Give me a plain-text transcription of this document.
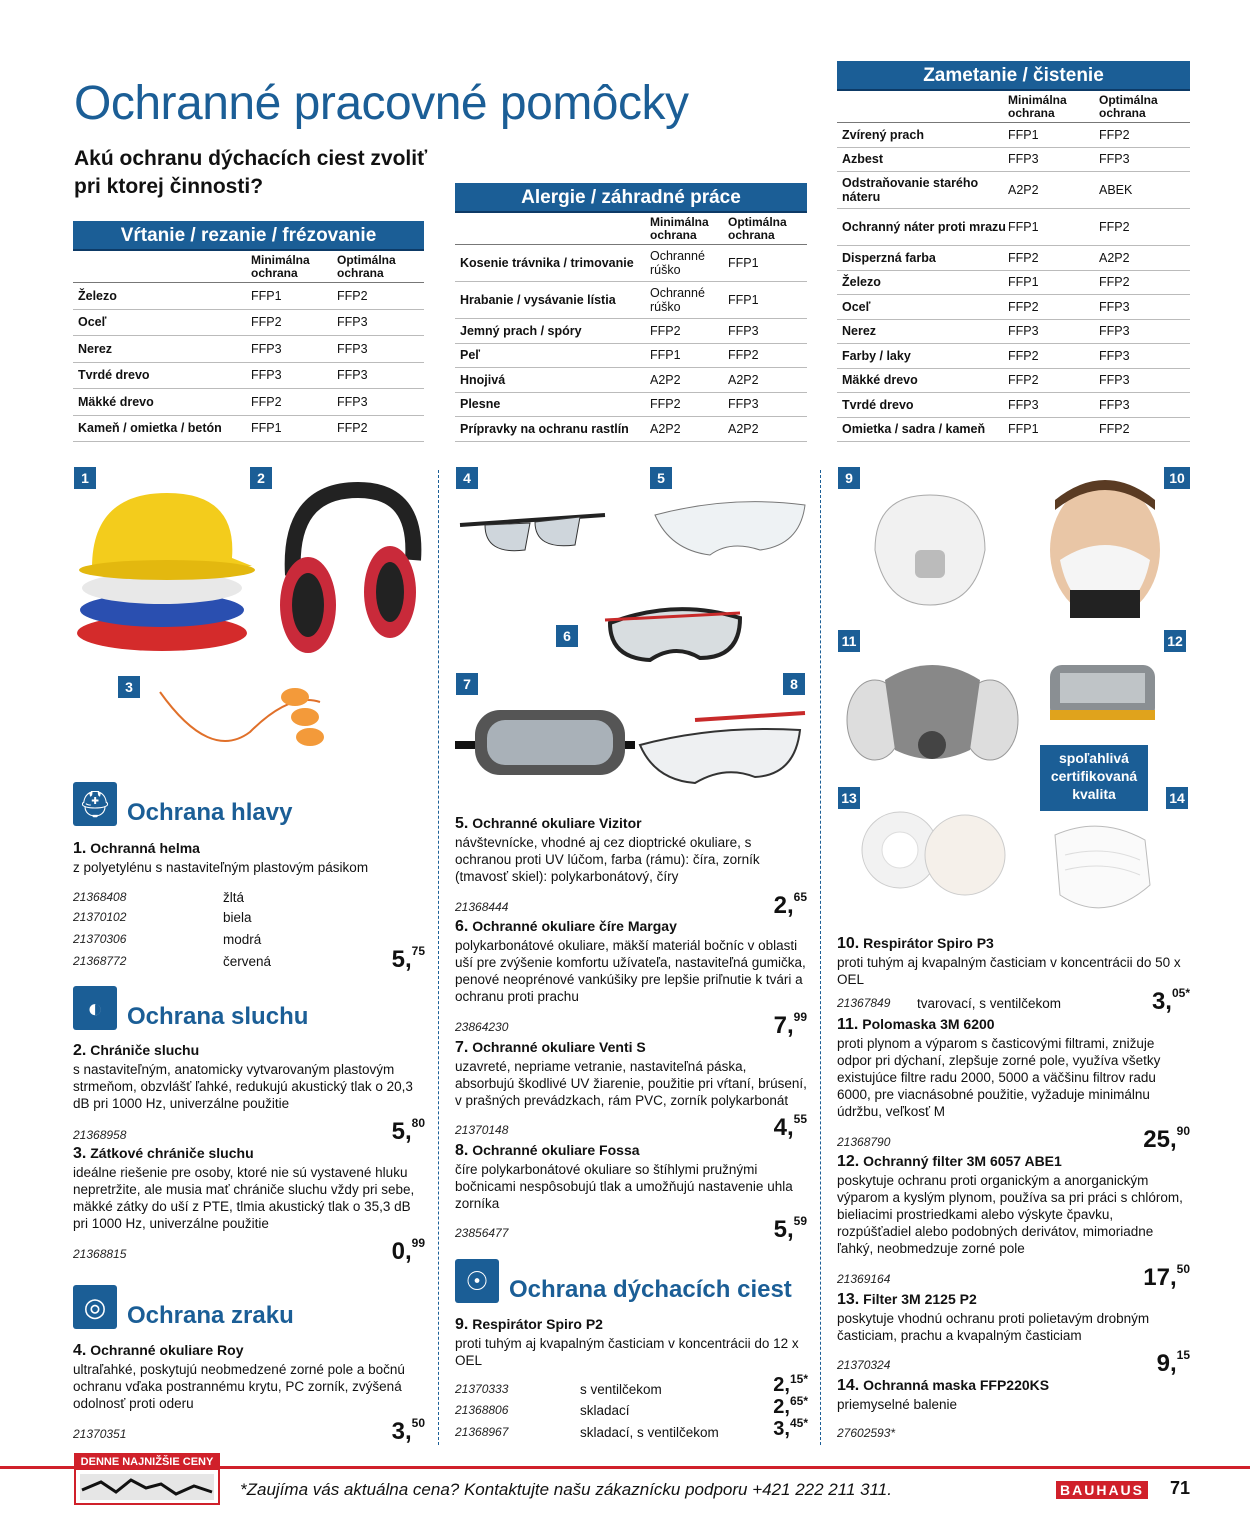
Ochranné pracovné pomôcky
Akú ochranu dýchacích ciest zvoliť pri ktorej činnosti?
Vŕtanie / rezanie / frézovanie
Minimálna ochrana
Optimálna ochrana
Železo	FFP1	FFP2
Oceľ	FFP2	FFP3
Nerez	FFP3	FFP3
Tvrdé drevo	FFP3	FFP3
Mäkké drevo	FFP2	FFP3
Kameň / omietka / betón	FFP1	FFP2
Alergie / záhradné práce
Minimálna ochrana
Optimálna ochrana
Kosenie trávnika / trimovanie	Ochranné rúško	FFP1
Hrabanie / vysávanie lístia	Ochranné rúško	FFP1
Jemný prach / spóry	FFP2	FFP3
Peľ	FFP1	FFP2
Hnojivá	A2P2	A2P2
Plesne	FFP2	FFP3
Prípravky na ochranu rastlín	A2P2	A2P2
Zametanie / čistenie
Minimálna ochrana
Optimálna ochrana
Zvírený prach	FFP1	FFP2
Azbest	FFP3	FFP3
Odstraňovanie starého náteru	A2P2	ABEK
Ochranný náter proti mrazu FFP1	FFP2
Disperzná farba	FFP2	A2P2
Železo	FFP1	FFP2
Oceľ	FFP2	FFP3
Nerez	FFP3	FFP3
Farby / laky	FFP2	FFP3
Mäkké drevo	FFP2	FFP3
Tvrdé drevo	FFP3	FFP3
Omietka / sadra / kameň	FFP1	FFP2
spoľahlivá certifikovaná kvalita
1	2
3
4	5
6
7	8
9	10
11	12
13	14
⛑ Ochrana hlavy
◐	Ochrana sluchu
◎ Ochrana zraku
☉ Ochrana dýchacích ciest
1. Ochranná helma
z polyetylénu s nastaviteľným plastovým pásikom
21368408	žltá
21370102	biela
21370306	modrá
21368772	červená	5,75
2. Chrániče sluchu
s nastaviteľným, anatomicky vytvarovaným plastovým strmeňom, obzvlášť ľahké, redukujú akustický tlak o 20,3 dB pri 1000 Hz, univerzálne použitie
21368958	5,80
3. Zátkové chrániče sluchu
ideálne riešenie pre osoby, ktoré nie sú vystavené hluku nepretržite, ale musia mať chrániče sluchu vždy pri sebe, mäkké zátky do uší z PTE, tlmia akustický tlak o 35,3 dB pri 1000 Hz, univerzálne použitie
21368815	0,99
4. Ochranné okuliare Roy
ultraľahké, poskytujú neobmedzené zorné pole a bočnú ochranu vďaka postrannému krytu, PC zorník, zvýšená odolnosť proti oderu
21370351	3,50
5. Ochranné okuliare Vizitor
návštevnícke, vhodné aj cez dioptrické okuliare, s ochranou proti UV lúčom, farba (rámu): číra, zorník (tmavosť skiel): polykarbonátový, číry
21368444	2,65
6. Ochranné okuliare číre Margay
polykarbonátové okuliare, mäkší materiál bočníc v oblasti uší pre zvýšenie komfortu užívateľa, nastaviteľná gumička, penové neoprénové vankúšiky pre lepšie priľnutie k tvári a ochranu proti prachu
23864230	7,99
7. Ochranné okuliare Venti S
uzavreté, nepriame vetranie, nastaviteľná páska, absorbujú škodlivé UV žiarenie, použitie pri vŕtaní, brúsení, v prašných prevádzkach, rám PVC, zorník polykarbonát
21370148	4,55
8. Ochranné okuliare Fossa
číre polykarbonátové okuliare so štíhlymi pružnými bočnicami nespôsobujú tlak a umožňujú nastavenie uhla zorníka
23856477	5,59
9. Respirátor Spiro P2
proti tuhým aj kvapalným časticiam v koncentrácii do 12 x OEL
21370333	s ventilčekom	2,$^{15*}$
21368806	skladací	2,$^{65*}$
21368967	skladací, s ventilčekom	3,$^{45*}$
10. Respirátor Spiro P3
proti tuhým aj kvapalným časticiam v koncentrácii do 50 x OEL
21367849	tvarovací, s ventilčekom	3,$^{05*}$
11. Polomaska 3M 6200
proti plynom a výparom s časticovými filtrami, znižuje odpor pri dýchaní, zlepšuje zorné pole, využíva všetky existujúce filtre radu 2000, 5000 a väčšinu filtrov radu 6000, pre viacnásobné použitie, vyžaduje minimálnu údržbu, veľkosť M
21368790	25,90
12. Ochranný filter 3M 6057 ABE1
poskytuje ochranu proti organickým a anorganickým výparom a kyslým plynom, používa sa pri práci s chlórom, bieliacimi prostriedkami alebo výskyte čpavku, rozpúšťadiel alebo podobných derivátov, mimoriadne ľahký, neobmedzuje zorné pole
21369164	17,50
13. Filter 3M 2125 P2
poskytuje vhodnú ochranu proti polietavým drobným časticiam, prachu a kvapalným časticiam
21370324	9,15
14. Ochranná maska FFP220KS
priemyselné balenie
27602593*
DENNE NAJNIŽŠIE CENY
*Zaujíma vás aktuálna cena? Kontaktujte našu zákaznícku podporu +421 222 211 311.	BAUHAUS 71
